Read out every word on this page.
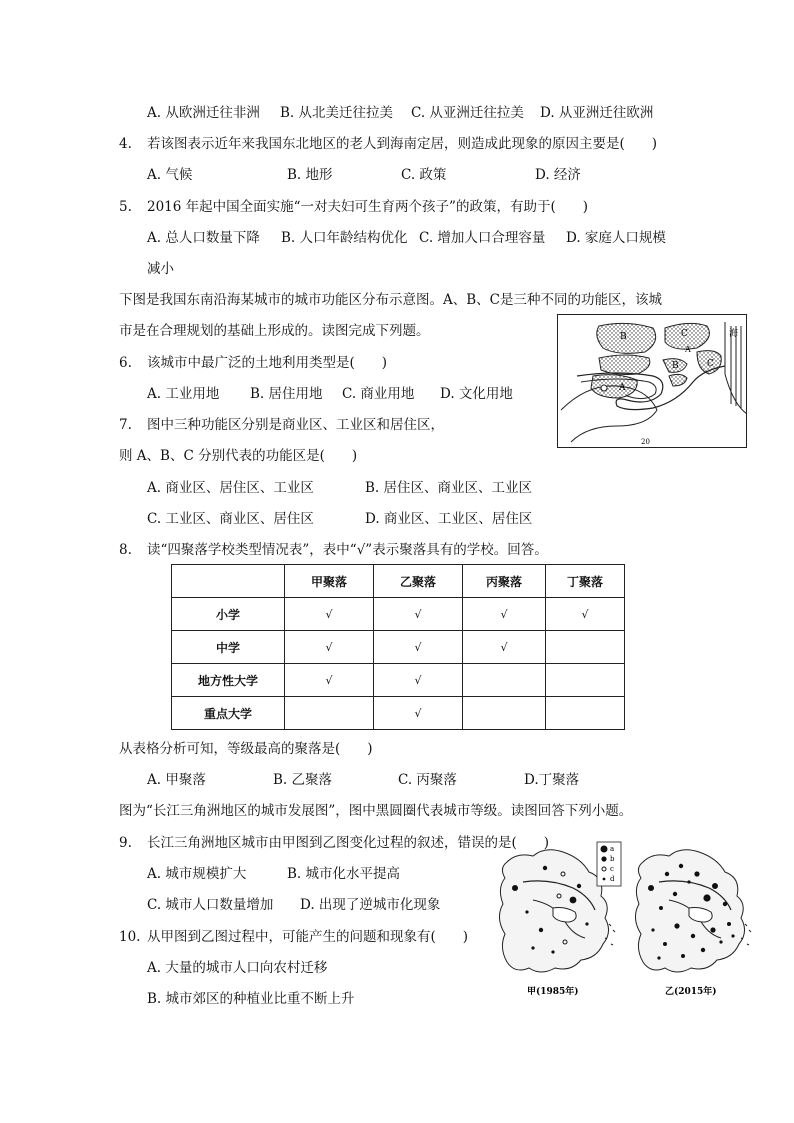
A. 从欧洲迁往非洲 B. 从北美迁往拉美 C. 从亚洲迁往拉美 D. 从亚洲迁往欧洲
4. 若该图表示近年来我国东北地区的老人到海南定居，则造成此现象的原因主要是(　　)
A. 气候	B. 地形	C. 政策	D. 经济
5. 2016 年起中国全面实施“一对夫妇可生育两个孩子”的政策，有助于(　　)
A. 总人口数量下降 B. 人口年龄结构优化 C. 增加人口合理容量 D. 家庭人口规模
减小
下图是我国东南沿海某城市的城市功能区分布示意图。A、B、C是三种不同的功能区，该城
市是在合理规划的基础上形成的。读图完成下列题。	B	C
C
B
A
A
海
20
6. 该城市中最广泛的土地利用类型是(　　)
A. 工业用地 B. 居住用地 C. 商业用地 D. 文化用地
7. 图中三种功能区分别是商业区、工业区和居住区，
则 A、B、C 分别代表的功能区是(　　)
A. 商业区、居住区、工业区	B. 居住区、商业区、工业区
C. 工业区、商业区、居住区	D. 商业区、工业区、居住区
8. 读“四聚落学校类型情况表”，表中“√”表示聚落具有的学校。回答。
	甲聚落	乙聚落	丙聚落	丁聚落
小学	√	√	√	√
中学	√	√	√	
地方性大学	√	√		
重点大学		√		
从表格分析可知，等级最高的聚落是(　　)
A. 甲聚落	B. 乙聚落	C. 丙聚落	D.丁聚落
图为“长江三角洲地区的城市发展图”，图中黑圆圈代表城市等级。读图回答下列小题。
9. 长江三角洲地区城市由甲图到乙图变化过程的叙述，错误的是(　　)
A. 城市规模扩大	B. 城市化水平提高
C. 城市人口数量增加 D. 出现了逆城市化现象
10. 从甲图到乙图过程中，可能产生的问题和现象有(　　)
A. 大量的城市人口向农村迁移
B. 城市郊区的种植业比重不断上升
a
b
c
d
甲(1985年)	乙(2015年)
